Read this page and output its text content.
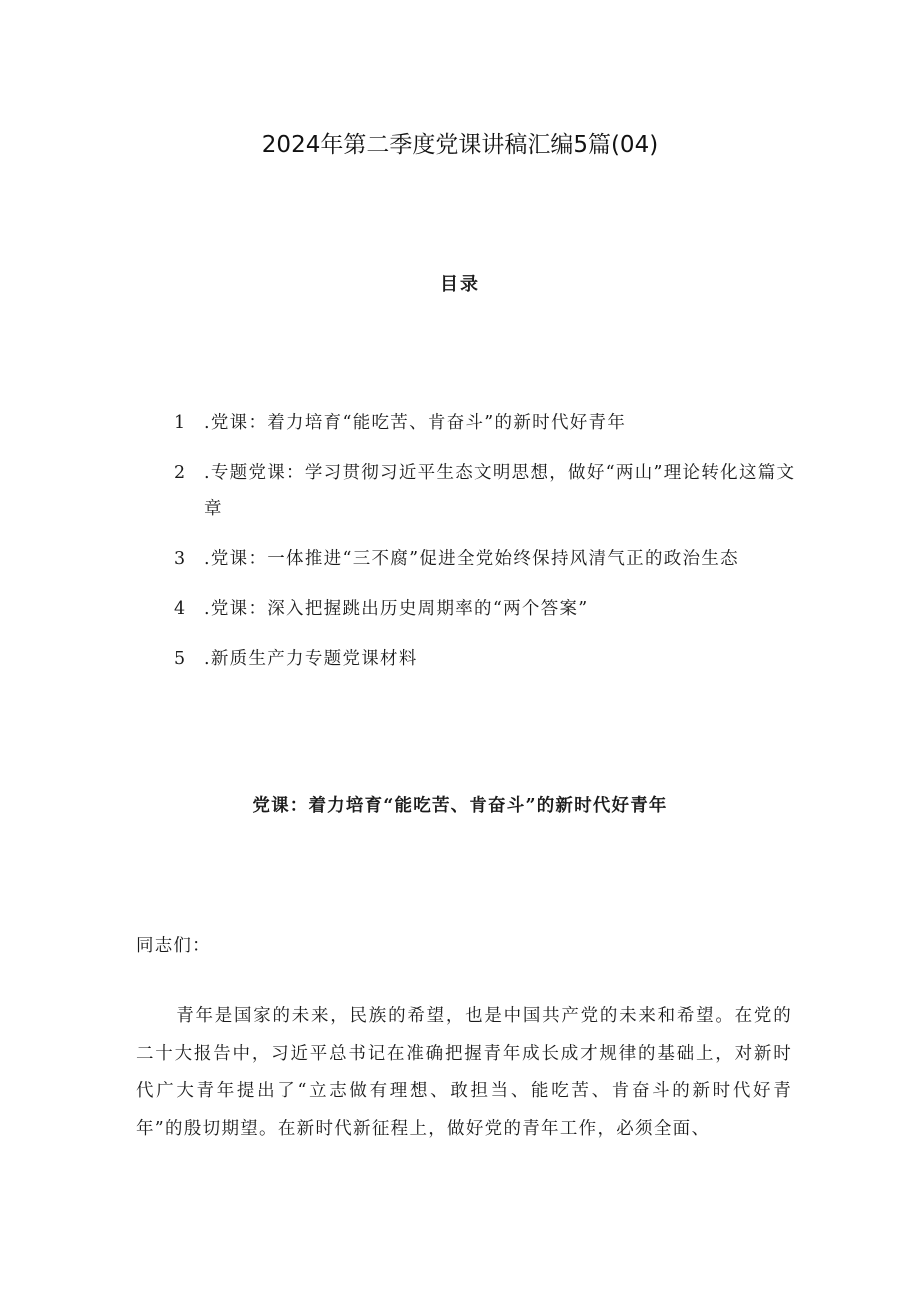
2024年第二季度党课讲稿汇编5篇(04)
目录
1	.党课：着力培育“能吃苦、肯奋斗”的新时代好青年
2	.专题党课：学习贯彻习近平生态文明思想，做好“两山”理论转化这篇文章
3	.党课：一体推进“三不腐”促进全党始终保持风清气正的政治生态
4	.党课：深入把握跳出历史周期率的“两个答案”
5	.新质生产力专题党课材料
党课：着力培育“能吃苦、肯奋斗”的新时代好青年

同志们：

青年是国家的未来，民族的希望，也是中国共产党的未来和希望。在党的二十大报告中，习近平总书记在准确把握青年成长成才规律的基础上，对新时代广大青年提出了“立志做有理想、敢担当、能吃苦、肯奋斗的新时代好青年”的殷切期望。在新时代新征程上，做好党的青年工作，必须全面、
